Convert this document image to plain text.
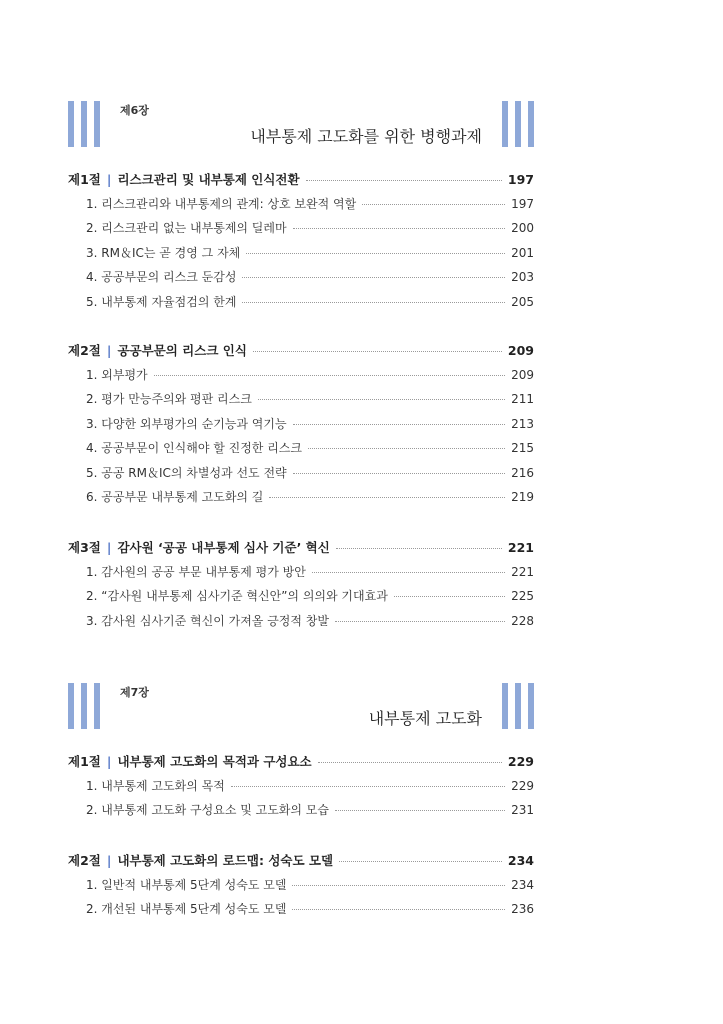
제6장
내부통제 고도화를 위한 병행과제
제1절 | 리스크관리 및 내부통제 인식전환	197
1. 리스크관리와 내부통제의 관계: 상호 보완적 역할	197
2. 리스크관리 없는 내부통제의 딜레마	200
3. RM＆IC는 곧 경영 그 자체	201
4. 공공부문의 리스크 둔감성	203
5. 내부통제 자율점검의 한계	205
제2절 | 공공부문의 리스크 인식	209
1. 외부평가	209
2. 평가 만능주의와 평판 리스크	211
3. 다양한 외부평가의 순기능과 역기능	213
4. 공공부문이 인식해야 할 진정한 리스크	215
5. 공공 RM＆IC의 차별성과 선도 전략	216
6. 공공부문 내부통제 고도화의 길	219
제3절 | 감사원 ‘공공 내부통제 심사 기준’ 혁신	221
1. 감사원의 공공 부문 내부통제 평가 방안	221
2. “감사원 내부통제 심사기준 혁신안”의 의의와 기대효과	225
3. 감사원 심사기준 혁신이 가져올 긍정적 창발	228
제7장
내부통제 고도화
제1절 | 내부통제 고도화의 목적과 구성요소	229
1. 내부통제 고도화의 목적	229
2. 내부통제 고도화 구성요소 및 고도화의 모습	231
제2절 | 내부통제 고도화의 로드맵: 성숙도 모델	234
1. 일반적 내부통제 5단계 성숙도 모델	234
2. 개선된 내부통제 5단계 성숙도 모델	236
